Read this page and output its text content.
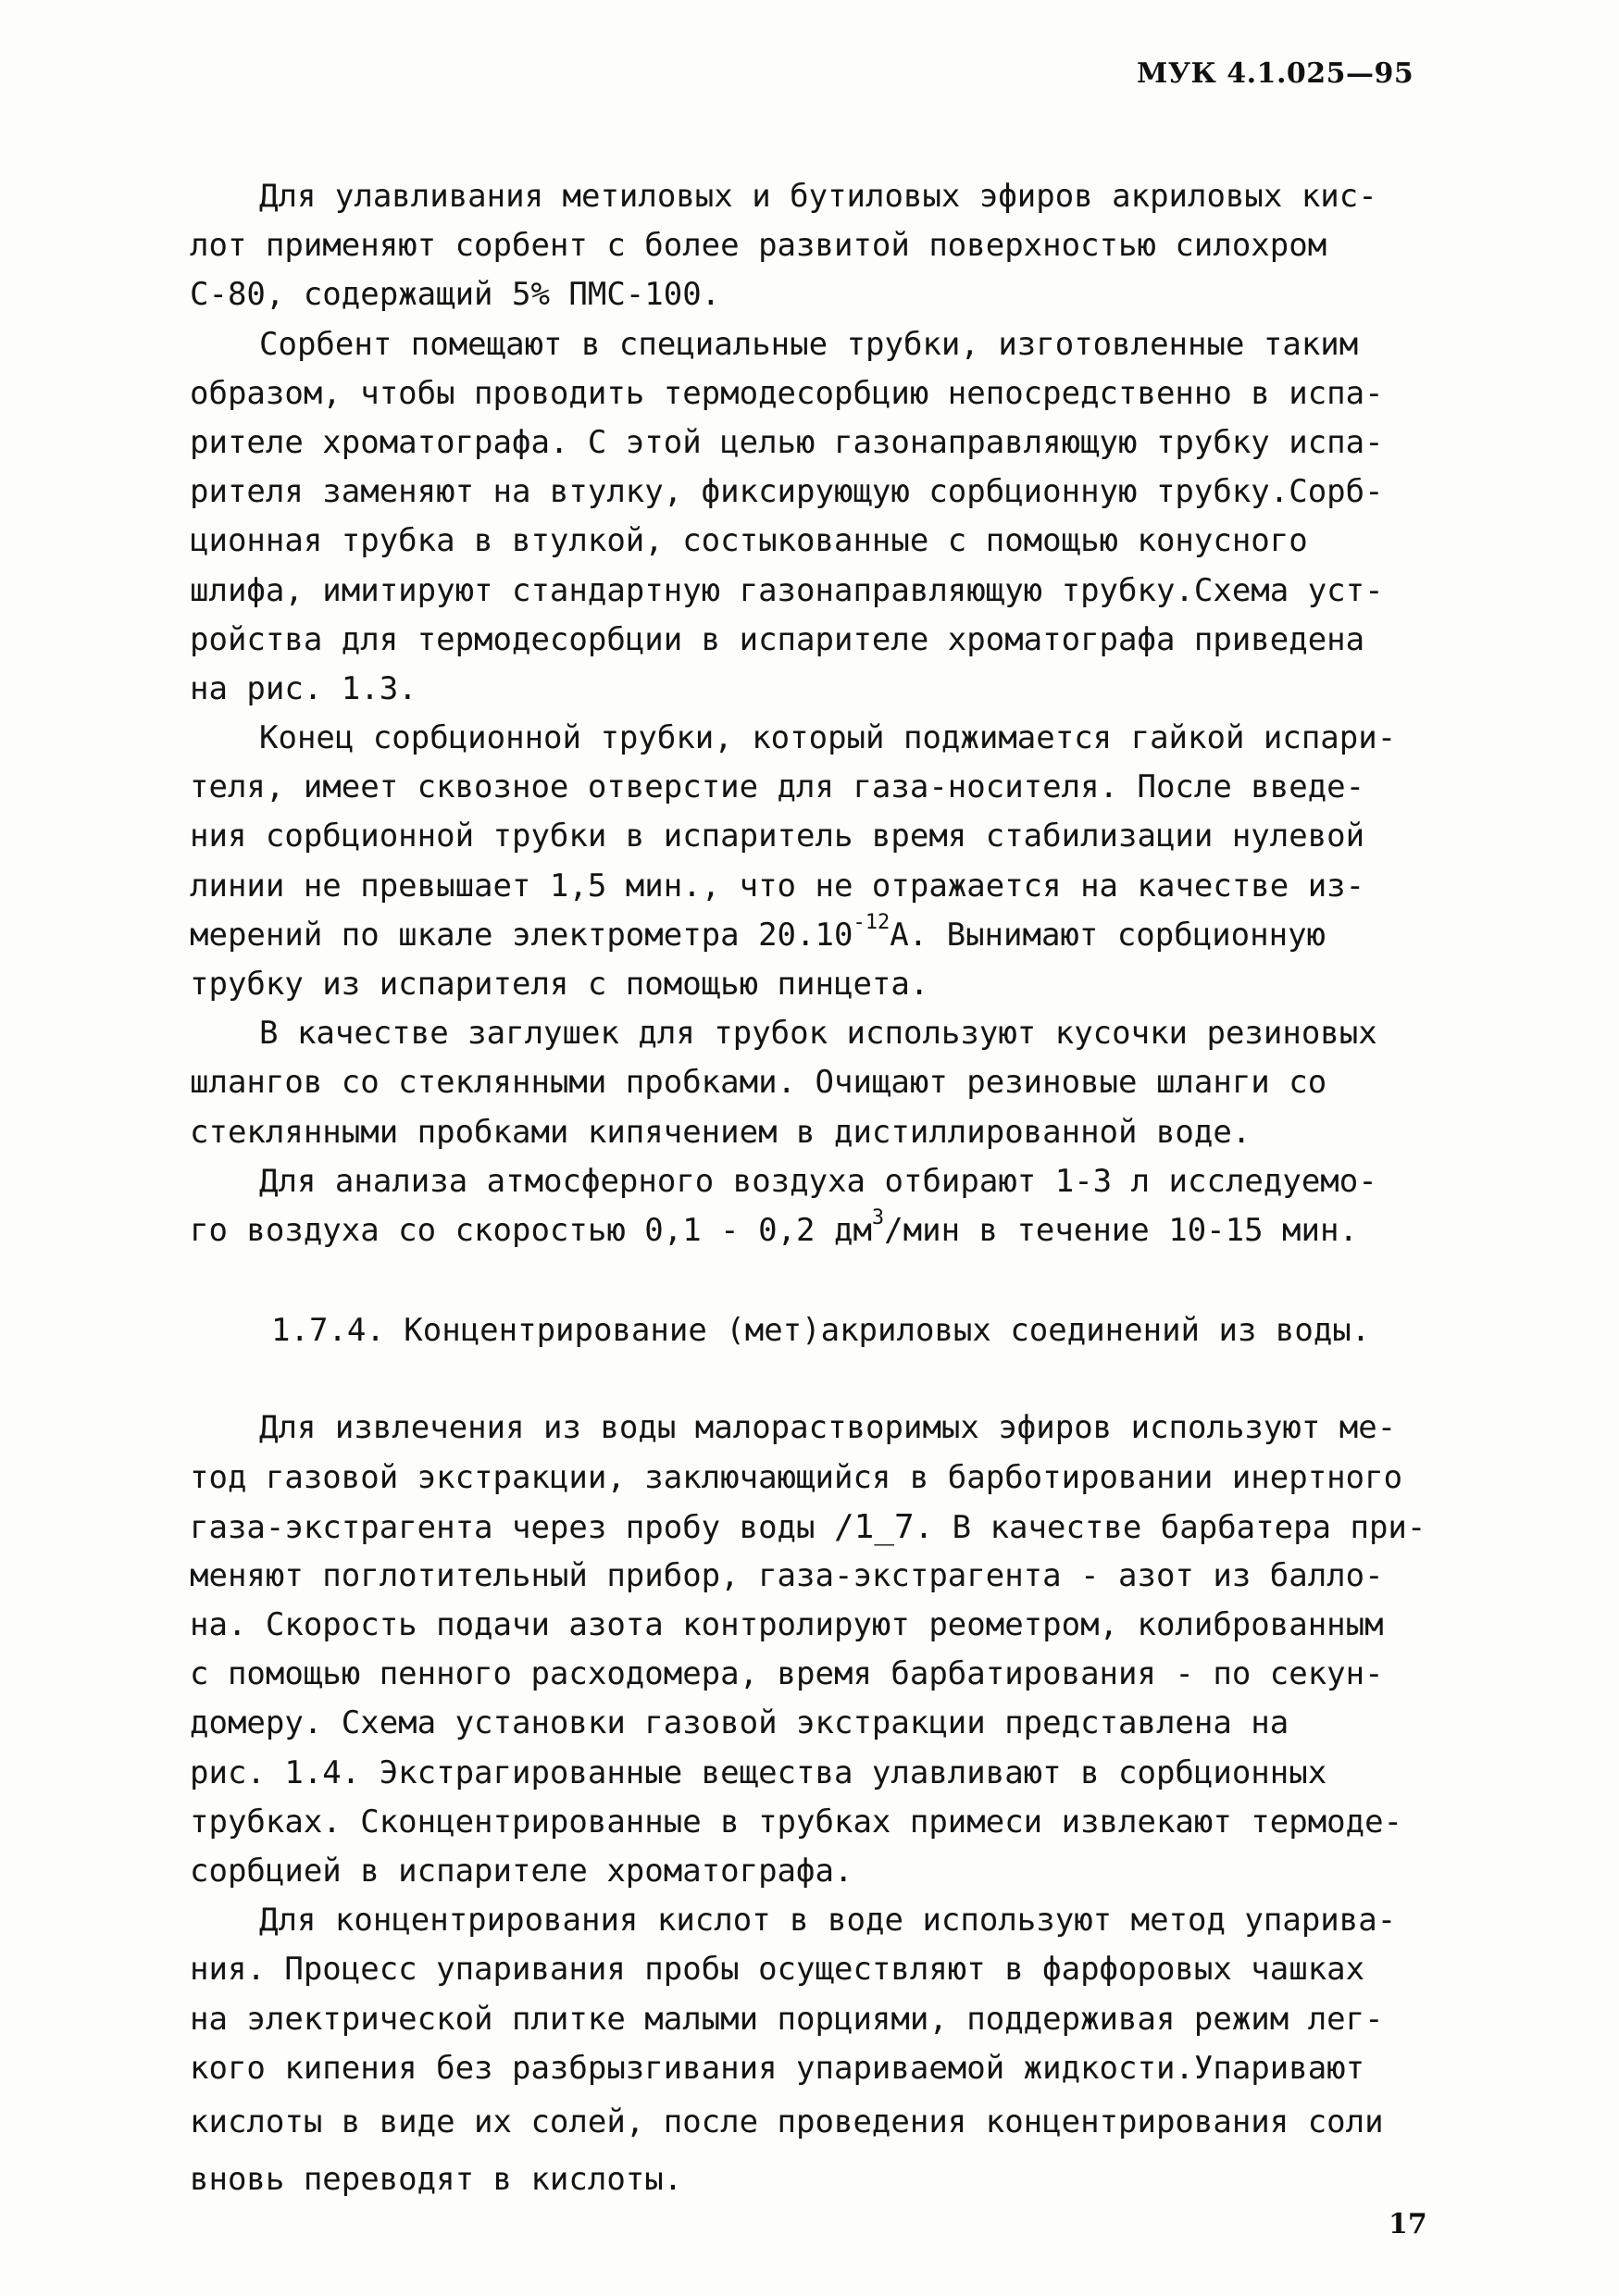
МУК 4.1.025—95
Для улавливания метиловых и бутиловых эфиров акриловых кис-
лот применяют сорбент с более развитой поверхностью силохром
С-80, содержащий 5% ПМС-100.
Сорбент помещают в специальные трубки, изготовленные таким
образом, чтобы проводить термодесорбцию непосредственно в испа-
рителе хроматографа. С этой целью газонаправляющую трубку испа-
рителя заменяют на втулку, фиксирующую сорбционную трубку.Сорб-
ционная трубка в втулкой, состыкованные с помощью конусного
шлифа, имитируют стандартную газонаправляющую трубку.Схема уст-
ройства для термодесорбции в испарителе хроматографа приведена
на рис. 1.3.
Конец сорбционной трубки, который поджимается гайкой испари-
теля, имеет сквозное отверстие для газа-носителя. После введе-
ния сорбционной трубки в испаритель время стабилизации нулевой
линии не превышает 1,5 мин., что не отражается на качестве из-
мерений по шкале электрометра $20.10^{-12}А$. Вынимают сорбционную
трубку из испарителя с помощью пинцета.
В качестве заглушек для трубок используют кусочки резиновых
шлангов со стеклянными пробками. Очищают резиновые шланги со
стеклянными пробками кипячением в дистиллированной воде.
Для анализа атмосферного воздуха отбирают 1-3 л исследуемо-
го воздуха со скоростью 0,1 - 0,2 $дм^3$/мин в течение 10-15 мин.
1.7.4. Концентрирование (мет)акриловых соединений из воды.
Для извлечения из воды малорастворимых эфиров используют ме-
тод газовой экстракции, заключающийся в барботировании инертного
газа-экстрагента через пробу воды /1_7. В качестве барбатера при-
меняют поглотительный прибор, газа-экстрагента - азот из балло-
на. Скорость подачи азота контролируют реометром, колиброванным
с помощью пенного расходомера, время барбатирования - по секун-
домеру. Схема установки газовой экстракции представлена на
рис. 1.4. Экстрагированные вещества улавливают в сорбционных
трубках. Сконцентрированные в трубках примеси извлекают термоде-
сорбцией в испарителе хроматографа.
Для концентрирования кислот в воде используют метод упарива-
ния. Процесс упаривания пробы осуществляют в фарфоровых чашках
на электрической плитке малыми порциями, поддерживая режим лег-
кого кипения без разбрызгивания упариваемой жидкости.Упаривают
кислоты в виде их солей, после проведения концентрирования соли
вновь переводят в кислоты.
17
